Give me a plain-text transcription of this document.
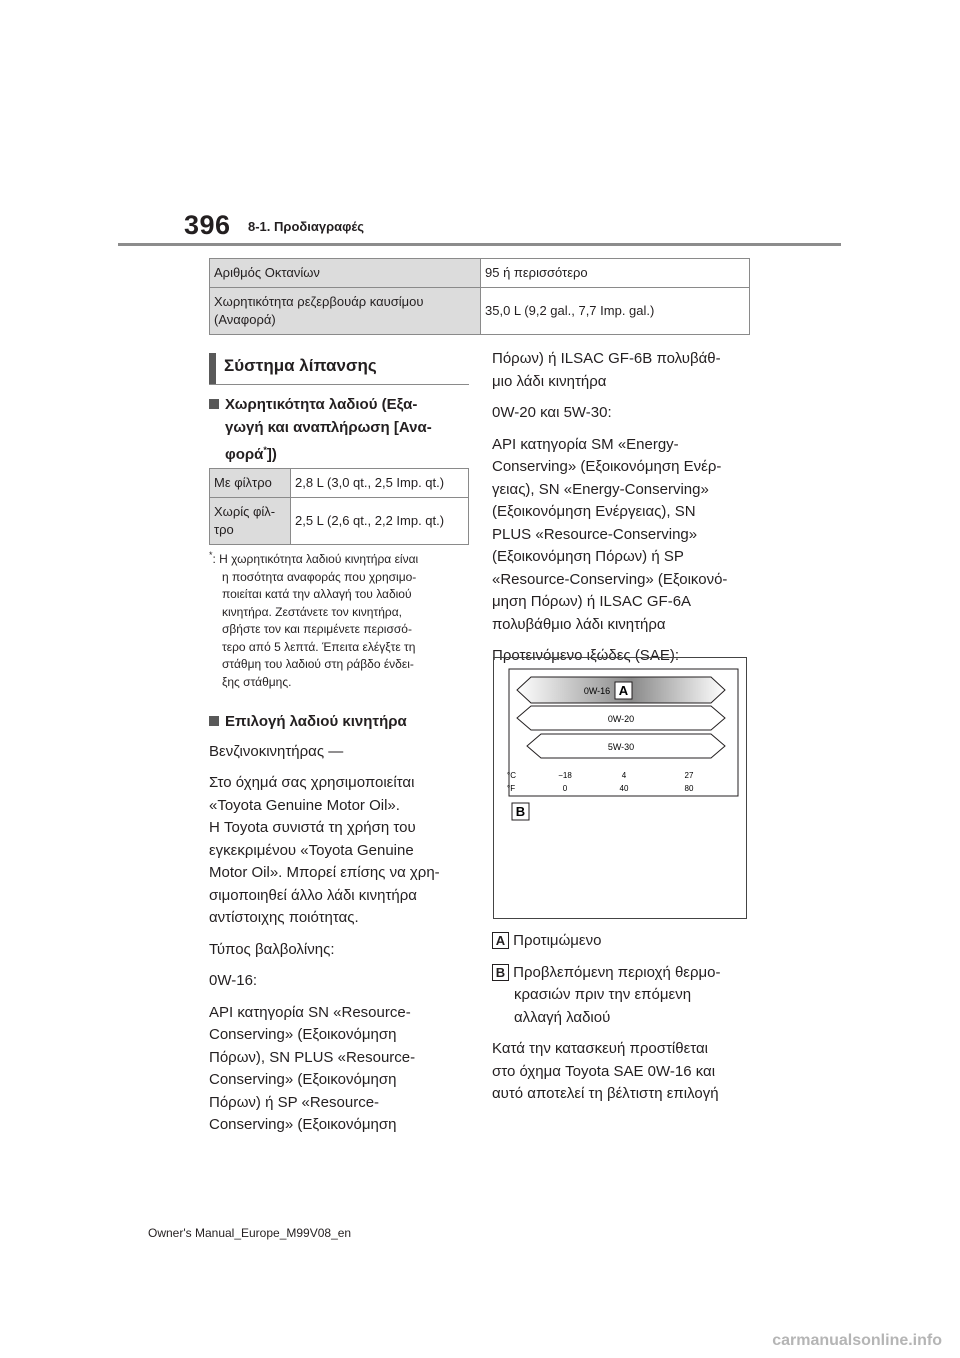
396 8-1. Προδιαγραφές
Αριθμός Οκτανίων	95 ή περισσότερο
Χωρητικότητα ρεζερβουάρ καυσίμου (Αναφορά)	35,0 L (9,2 gal., 7,7 Imp. gal.)
Σύστημα λίπανσης
Χωρητικότητα λαδιού (Εξα-
γωγή και αναπλήρωση [Ανα-
φορά*])
Με φίλτρο	2,8 L (3,0 qt., 2,5 Imp. qt.)
Χωρίς φίλ-τρο	2,5 L (2,6 qt., 2,2 Imp. qt.)
*: Η χωρητικότητα λαδιού κινητήρα είναι
η ποσότητα αναφοράς που χρησιμο-
ποιείται κατά την αλλαγή του λαδιού
κινητήρα. Ζεστάνετε τον κινητήρα,
σβήστε τον και περιμένετε περισσό-
τερο από 5 λεπτά. Έπειτα ελέγξτε τη
στάθμη του λαδιού στη ράβδο ένδει-
ξης στάθμης.
Επιλογή λαδιού κινητήρα
Βενζινοκινητήρας —
Στο όχημά σας χρησιμοποιείται
«Toyota Genuine Motor Oil».
Η Toyota συνιστά τη χρήση του
εγκεκριμένου «Toyota Genuine
Motor Oil». Μπορεί επίσης να χρη-
σιμοποιηθεί άλλο λάδι κινητήρα
αντίστοιχης ποιότητας.
Τύπος βαλβολίνης:
0W-16:
API κατηγορία SN «Resource-
Conserving» (Εξοικονόμηση
Πόρων), SN PLUS «Resource-
Conserving» (Εξοικονόμηση
Πόρων) ή SP «Resource-
Conserving» (Εξοικονόμηση
Πόρων) ή ILSAC GF-6B πολυβάθ-
μιο λάδι κινητήρα
0W-20 και 5W-30:
API κατηγορία SM «Energy-
Conserving» (Εξοικονόμηση Ενέρ-
γειας), SN «Energy-Conserving»
(Εξοικονόμηση Ενέργειας), SN
PLUS «Resource-Conserving»
(Εξοικονόμηση Πόρων) ή SP
«Resource-Conserving» (Εξοικονό-
μηση Πόρων) ή ILSAC GF-6A
πολυβάθμιο λάδι κινητήρα
Προτεινόμενο ιξώδες (SAE):
0W-16 A
0W-20
5W-30
°C
°F
−18	4	27
0	40	80
B
A Προτιμώμενο
B Προβλεπόμενη περιοχή θερμο-
κρασιών πριν την επόμενη
αλλαγή λαδιού
Κατά την κατασκευή προστίθεται
στο όχημα Toyota SAE 0W-16 και
αυτό αποτελεί τη βέλτιστη επιλογή
Owner's Manual_Europe_M99V08_en
carmanualsonline.info
